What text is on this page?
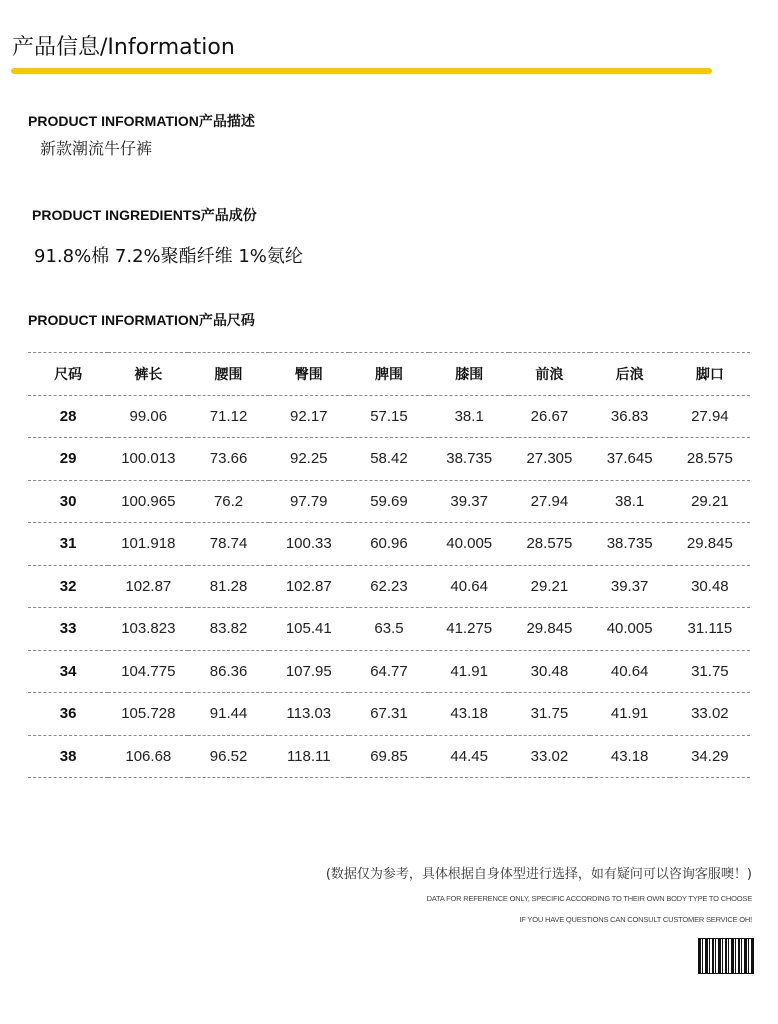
产品信息/Information
PRODUCT INFORMATION产品描述
新款潮流牛仔裤
PRODUCT INGREDIENTS产品成份
91.8%棉 7.2%聚酯纤维 1%氨纶
PRODUCT INFORMATION产品尺码
尺码	裤长	腰围	臀围	脾围	膝围	前浪	后浪	脚口
28	99.06	71.12	92.17	57.15	38.1	26.67	36.83	27.94
29	100.013	73.66	92.25	58.42	38.735	27.305	37.645	28.575
30	100.965	76.2	97.79	59.69	39.37	27.94	38.1	29.21
31	101.918	78.74	100.33	60.96	40.005	28.575	38.735	29.845
32	102.87	81.28	102.87	62.23	40.64	29.21	39.37	30.48
33	103.823	83.82	105.41	63.5	41.275	29.845	40.005	31.115
34	104.775	86.36	107.95	64.77	41.91	30.48	40.64	31.75
36	105.728	91.44	113.03	67.31	43.18	31.75	41.91	33.02
38	106.68	96.52	118.11	69.85	44.45	33.02	43.18	34.29
(数据仅为参考，具体根据自身体型进行选择，如有疑问可以咨询客服噢！)
DATA FOR REFERENCE ONLY, SPECIFIC ACCORDING TO THEIR OWN BODY TYPE TO CHOOSE
IF YOU HAVE QUESTIONS CAN CONSULT CUSTOMER SERVICE OH!
